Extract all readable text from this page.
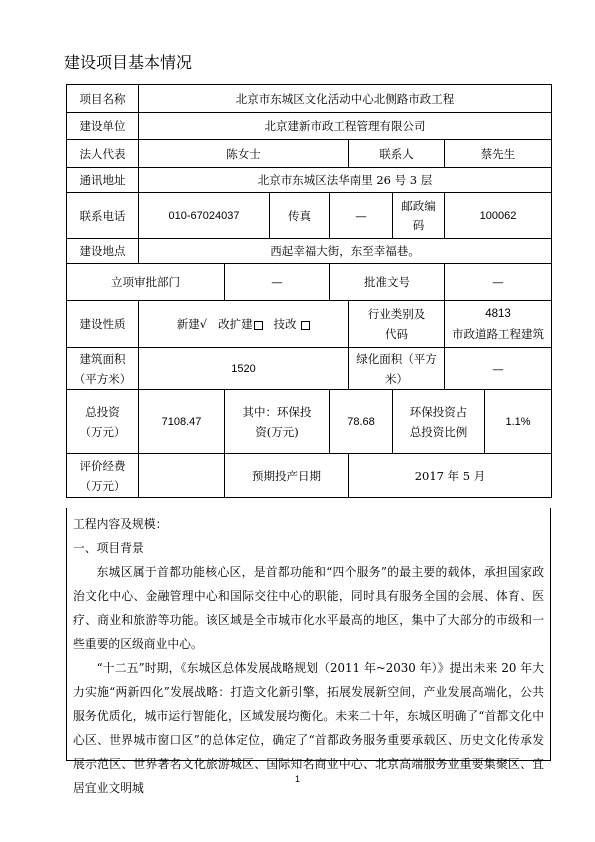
建设项目基本情况
项目名称	北京市东城区文化活动中心北侧路市政工程							
建设单位	北京建新市政工程管理有限公司							
法人代表	陈女士				联系人		蔡先生	
通讯地址	北京市东城区法华南里 26 号 3 层							
联系电话	010-67024037		传真	—		邮政编码	100062	
建设地点	西起幸福大街，东至幸福巷。							
立项审批部门		—		批准文号			—	
建设性质	新建√ 改扩建 技改				行业类别及代码		4813
市政道路工程建筑	

建筑面积（平方米）	1520				绿化面积（平方米）		—	
总投资（万元）	7108.47	其中：环保投资(万元)		78.68		环保投资占总投资比例		1.1%
评价经费（万元）		预期投产日期			2017 年 5 月			

工程内容及规模：

一、项目背景

东城区属于首都功能核心区，是首都功能和“四个服务”的最主要的载体，承担国家政治文化中心、金融管理中心和国际交往中心的职能，同时具有服务全国的会展、体育、医疗、商业和旅游等功能。该区域是全市城市化水平最高的地区，集中了大部分的市级和一些重要的区级商业中心。

“十二五”时期，《东城区总体发展战略规划（2011 年~2030 年）》提出未来 20 年大力实施“两新四化”发展战略：打造文化新引擎，拓展发展新空间，产业发展高端化，公共服务优质化，城市运行智能化，区域发展均衡化。未来二十年，东城区明确了“首都文化中心区、世界城市窗口区”的总体定位，确定了“首都政务服务重要承载区、历史文化传承发展示范区、世界著名文化旅游城区、国际知名商业中心、北京高端服务业重要集聚区、宜居宜业文明城

1
